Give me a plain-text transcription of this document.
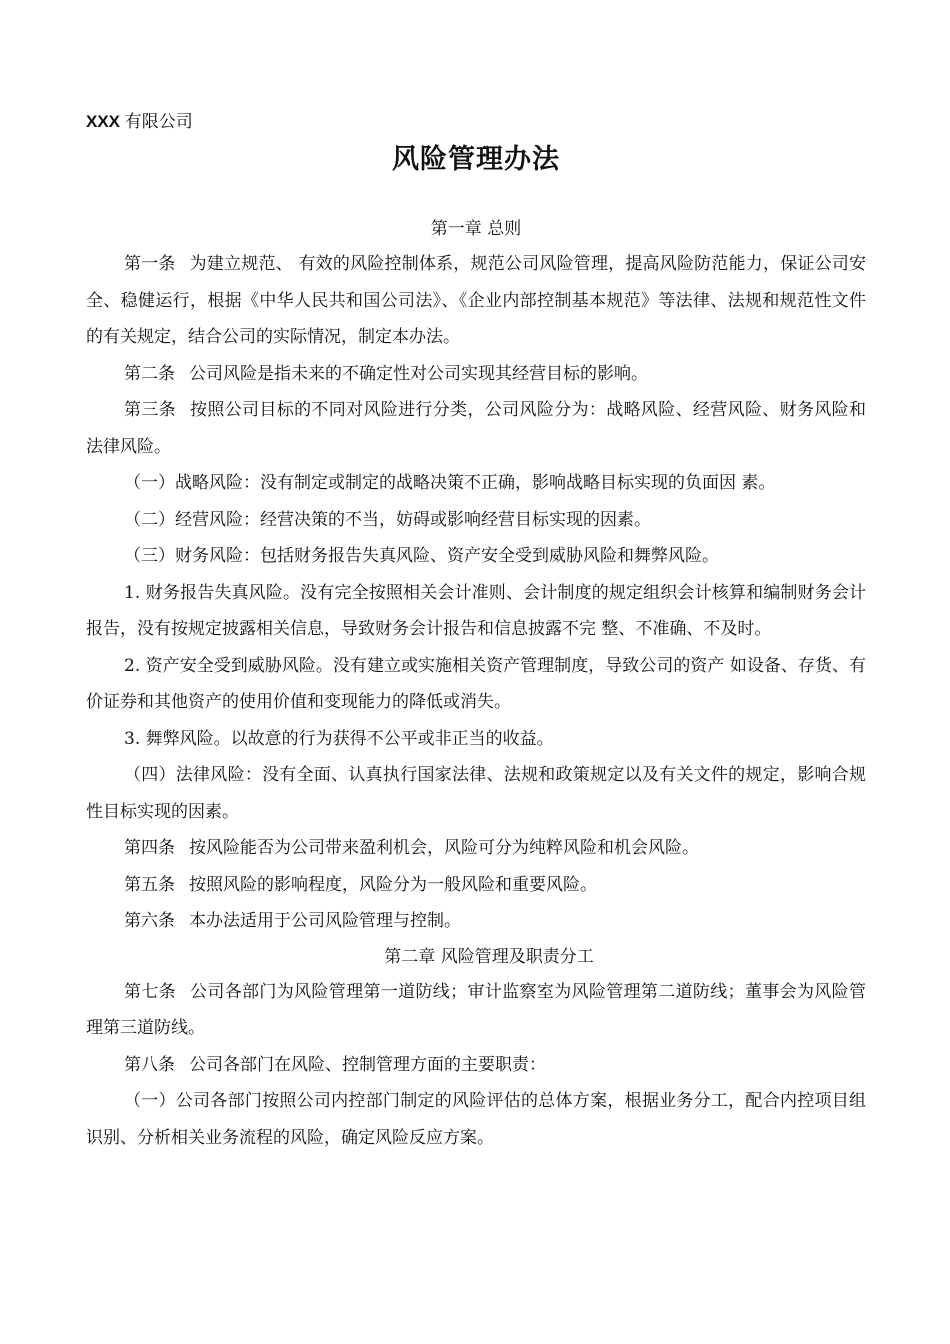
XXX 有限公司

风险管理办法

第一章 总则

第一条 为建立规范、 有效的风险控制体系，规范公司风险管理，提高风险防范能力，保证公司安全、稳健运行，根据《中华人民共和国公司法》、《企业内部控制基本规范》等法律、法规和规范性文件的有关规定，结合公司的实际情况，制定本办法。

第二条 公司风险是指未来的不确定性对公司实现其经营目标的影响。

第三条 按照公司目标的不同对风险进行分类，公司风险分为：战略风险、经营风险、财务风险和法律风险。

（一）战略风险：没有制定或制定的战略决策不正确，影响战略目标实现的负面因 素。

（二）经营风险：经营决策的不当，妨碍或影响经营目标实现的因素。

（三）财务风险：包括财务报告失真风险、资产安全受到威胁风险和舞弊风险。

1. 财务报告失真风险。没有完全按照相关会计准则、会计制度的规定组织会计核算和编制财务会计报告，没有按规定披露相关信息，导致财务会计报告和信息披露不完 整、不准确、不及时。

2. 资产安全受到威胁风险。没有建立或实施相关资产管理制度，导致公司的资产 如设备、存货、有价证券和其他资产的使用价值和变现能力的降低或消失。

3. 舞弊风险。以故意的行为获得不公平或非正当的收益。

（四）法律风险：没有全面、认真执行国家法律、法规和政策规定以及有关文件的规定，影响合规性目标实现的因素。

第四条 按风险能否为公司带来盈利机会，风险可分为纯粹风险和机会风险。

第五条 按照风险的影响程度，风险分为一般风险和重要风险。

第六条 本办法适用于公司风险管理与控制。

第二章 风险管理及职责分工

第七条 公司各部门为风险管理第一道防线；审计监察室为风险管理第二道防线；董事会为风险管理第三道防线。

第八条 公司各部门在风险、控制管理方面的主要职责：

（一）公司各部门按照公司内控部门制定的风险评估的总体方案，根据业务分工，配合内控项目组识别、分析相关业务流程的风险，确定风险反应方案。
